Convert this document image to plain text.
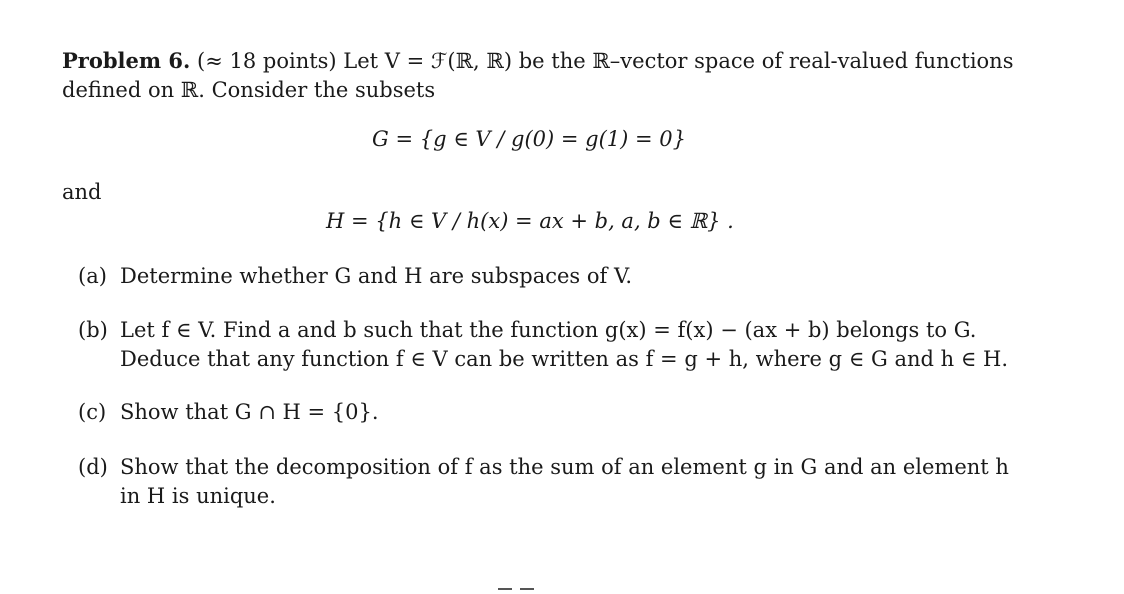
Problem 6. (≈ 18 points) Let V = ℱ(ℝ, ℝ) be the ℝ–vector space of real-valued functions
defined on ℝ. Consider the subsets
G = {g ∈ V / g(0) = g(1) = 0}
and
H = {h ∈ V / h(x) = ax + b, a, b ∈ ℝ} .
(a) Determine whether G and H are subspaces of V.
(b) Let f ∈ V. Find a and b such that the function g(x) = f(x) − (ax + b) belongs to G.
Deduce that any function f ∈ V can be written as f = g + h, where g ∈ G and h ∈ H.
(c) Show that G ∩ H = {0}.
(d) Show that the decomposition of f as the sum of an element g in G and an element h
in H is unique.
